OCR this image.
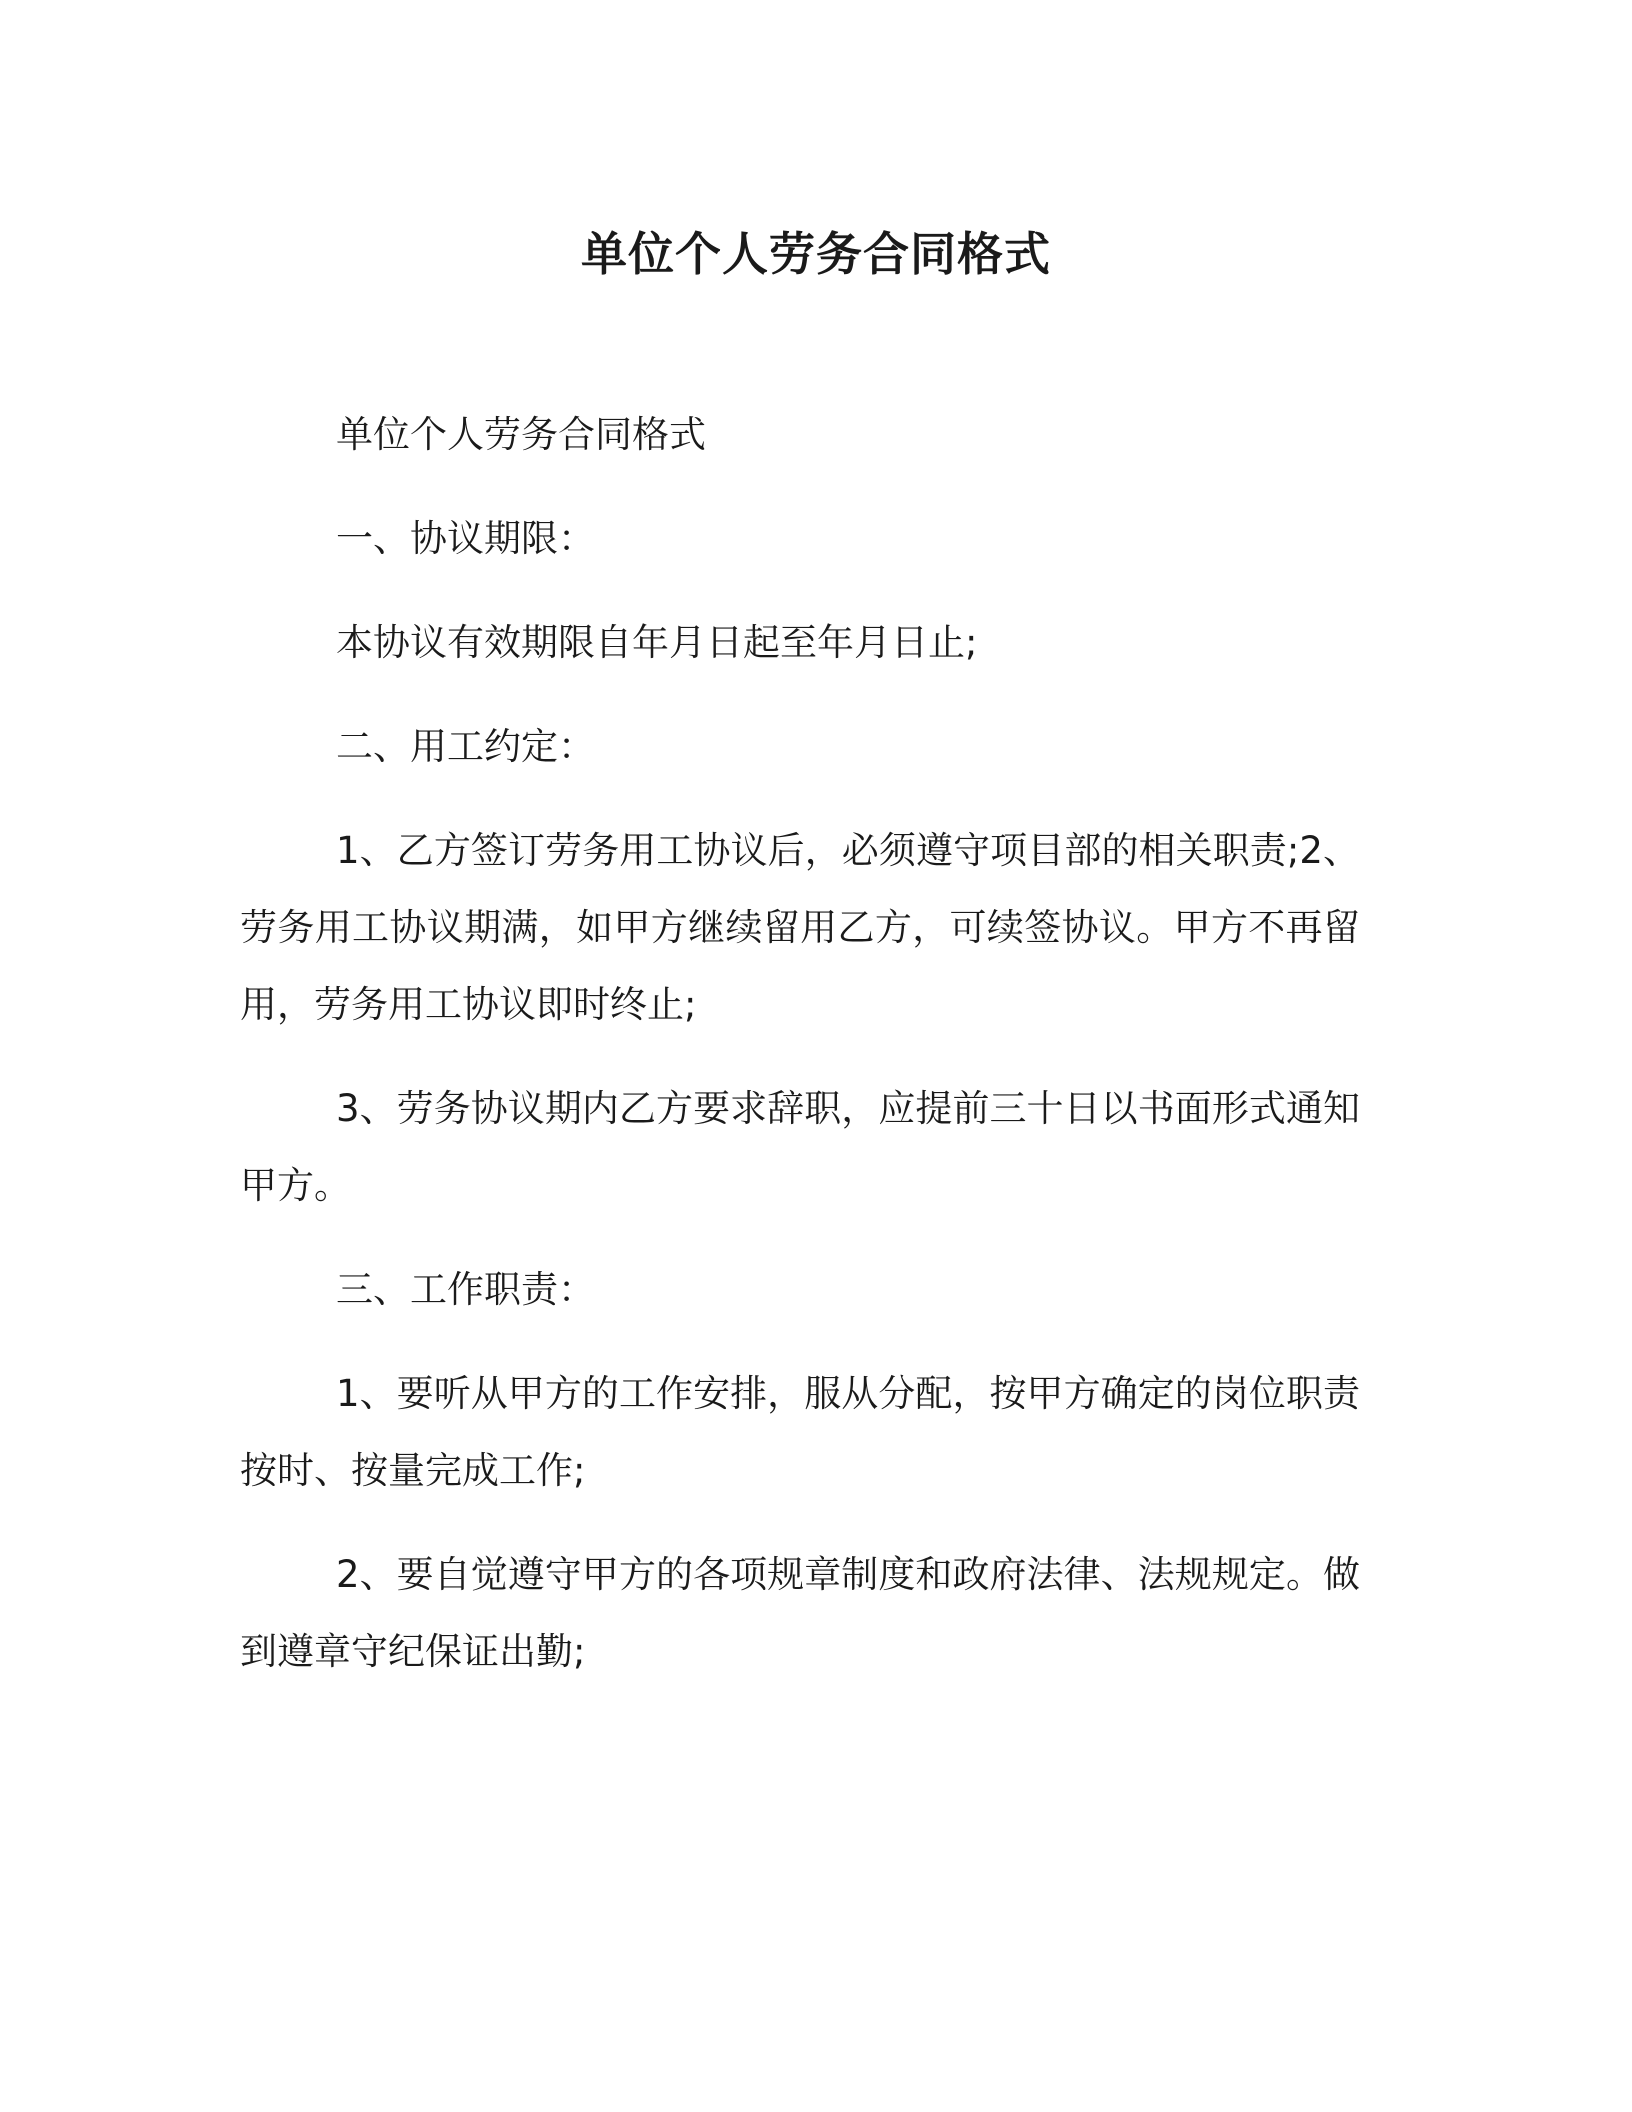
单位个人劳务合同格式

单位个人劳务合同格式

一、协议期限：

本协议有效期限自年月日起至年月日止;

二、用工约定：

1、乙方签订劳务用工协议后，必须遵守项目部的相关职责;2、劳务用工协议期满，如甲方继续留用乙方，可续签协议。甲方不再留用，劳务用工协议即时终止;

3、劳务协议期内乙方要求辞职，应提前三十日以书面形式通知甲方。

三、工作职责：

1、要听从甲方的工作安排，服从分配，按甲方确定的岗位职责按时、按量完成工作;

2、要自觉遵守甲方的各项规章制度和政府法律、法规规定。做到遵章守纪保证出勤;
